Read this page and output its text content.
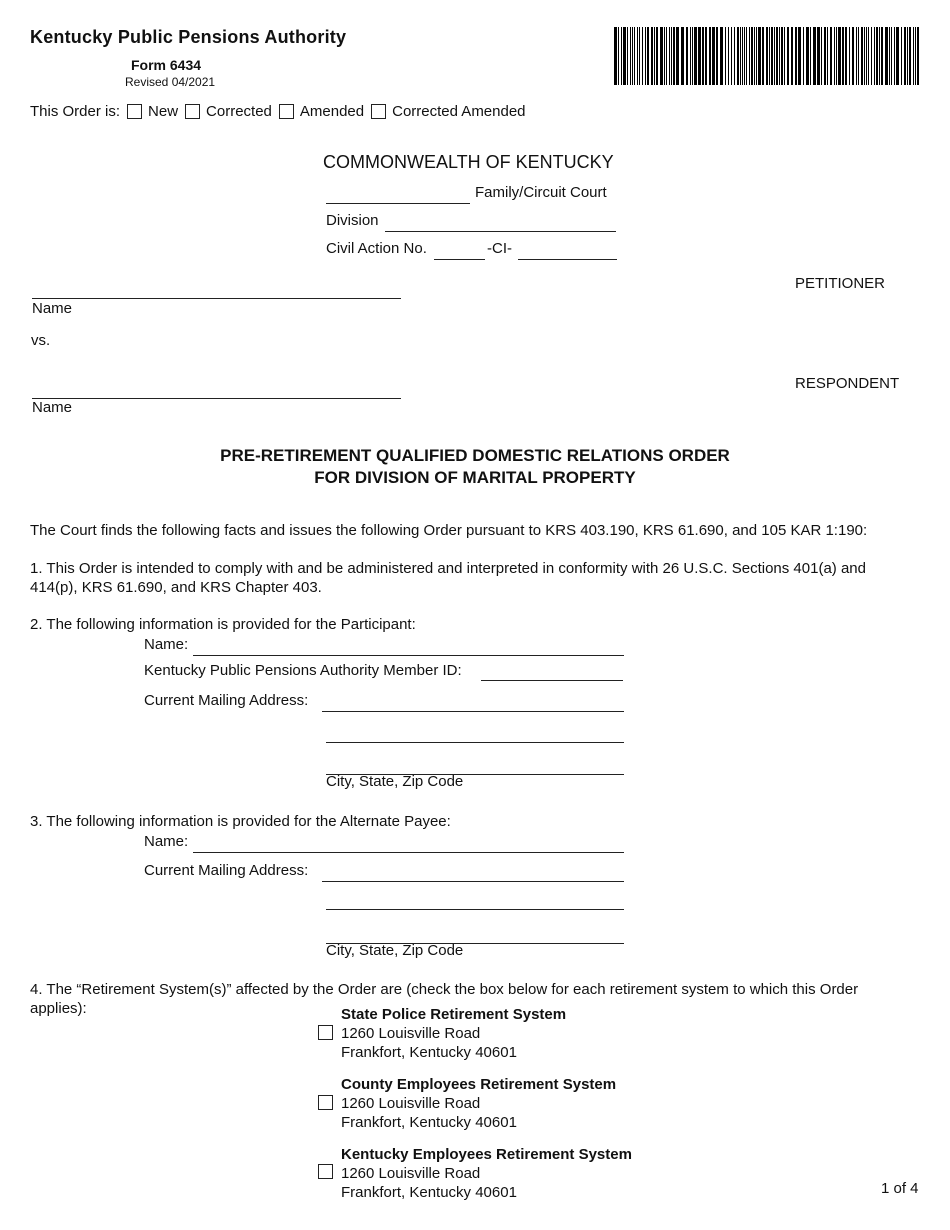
Kentucky Public Pensions Authority
Form 6434
Revised 04/2021
This Order is: New Corrected Amended Corrected Amended
COMMONWEALTH OF KENTUCKY
Family/Circuit Court
Division
Civil Action No.	-CI-
PETITIONER
Name
vs.
RESPONDENT
Name
PRE-RETIREMENT QUALIFIED DOMESTIC RELATIONS ORDER
FOR DIVISION OF MARITAL PROPERTY
The Court finds the following facts and issues the following Order pursuant to KRS 403.190, KRS 61.690, and 105 KAR 1:190:
1. This Order is intended to comply with and be administered and interpreted in conformity with 26 U.S.C. Sections 401(a) and 414(p), KRS 61.690, and KRS Chapter 403.
2. The following information is provided for the Participant:
Name:
Kentucky Public Pensions Authority Member ID:
Current Mailing Address:
City, State, Zip Code
3. The following information is provided for the Alternate Payee:
Name:
Current Mailing Address:
City, State, Zip Code
4. The “Retirement System(s)” affected by the Order are (check the box below for each retirement system to which this Order applies):	State Police Retirement System
1260 Louisville Road
Frankfort, Kentucky 40601
County Employees Retirement System
1260 Louisville Road
Frankfort, Kentucky 40601
Kentucky Employees Retirement System
1260 Louisville Road
Frankfort, Kentucky 40601	1 of 4
